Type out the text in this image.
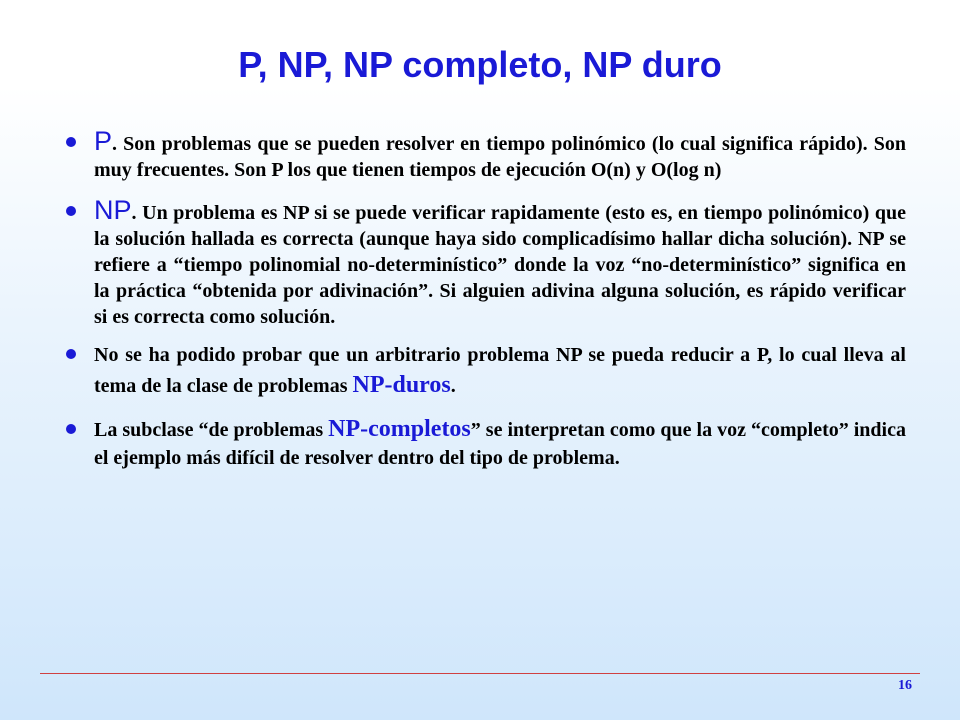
P, NP, NP completo, NP duro
P. Son problemas que se pueden resolver en tiempo polinómico (lo cual significa rápido). Son muy frecuentes. Son P los que tienen tiempos de ejecución O(n) y O(log n)
NP. Un problema es NP si se puede verificar rapidamente (esto es, en tiempo polinómico) que la solución hallada es correcta (aunque haya sido complicadísimo hallar dicha solución). NP se refiere a “tiempo polinomial no-determinístico” donde la voz “no-determinístico” significa en la práctica “obtenida por adivinación”. Si alguien adivina alguna solución, es rápido verificar si es correcta como solución.
No se ha podido probar que un arbitrario problema NP se pueda reducir a P, lo cual lleva al tema de la clase de problemas NP-duros.
La subclase “de problemas NP-completos” se interpretan como que la voz “completo” indica el ejemplo más difícil de resolver dentro del tipo de problema.
16
